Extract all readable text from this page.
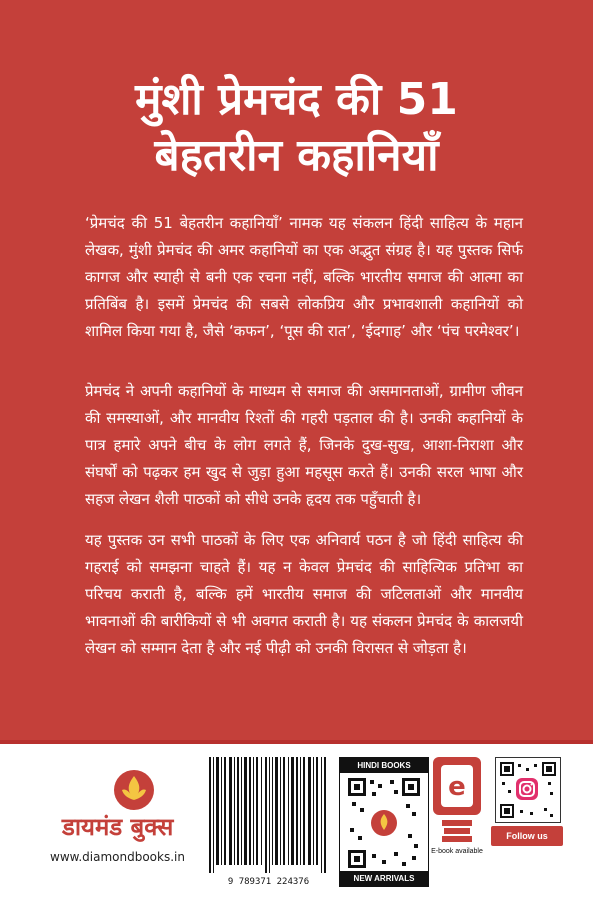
मुंशी प्रेमचंद की 51
बेहतरीन कहानियाँ

‘प्रेमचंद की 51 बेहतरीन कहानियाँ’ नामक यह संकलन हिंदी साहित्य के महान लेखक, मुंशी प्रेमचंद की अमर कहानियों का एक अद्भुत संग्रह है। यह पुस्तक सिर्फ कागज और स्याही से बनी एक रचना नहीं, बल्कि भारतीय समाज की आत्मा का प्रतिबिंब है। इसमें प्रेमचंद की सबसे लोकप्रिय और प्रभावशाली कहानियों को शामिल किया गया है, जैसे ‘कफन’, ‘पूस की रात’, ‘ईदगाह’ और ‘पंच परमेश्वर’।

प्रेमचंद ने अपनी कहानियों के माध्यम से समाज की असमानताओं, ग्रामीण जीवन की समस्याओं, और मानवीय रिश्तों की गहरी पड़ताल की है। उनकी कहानियों के पात्र हमारे अपने बीच के लोग लगते हैं, जिनके दुख-सुख, आशा-निराशा और संघर्षों को पढ़कर हम खुद से जुड़ा हुआ महसूस करते हैं। उनकी सरल भाषा और सहज लेखन शैली पाठकों को सीधे उनके हृदय तक पहुँचाती है।

यह पुस्तक उन सभी पाठकों के लिए एक अनिवार्य पठन है जो हिंदी साहित्य की गहराई को समझना चाहते हैं। यह न केवल प्रेमचंद की साहित्यिक प्रतिभा का परिचय कराती है, बल्कि हमें भारतीय समाज की जटिलताओं और मानवीय भावनाओं की बारीकियों से भी अवगत कराती है। यह संकलन प्रेमचंद के कालजयी लेखन को सम्मान देता है और नई पीढ़ी को उनकी विरासत से जोड़ता है।

डायमंड बुक्स
www.diamondbooks.in
9 789371 224376
HINDI BOOKS
NEW ARRIVALS
e
E-book available
Follow us
